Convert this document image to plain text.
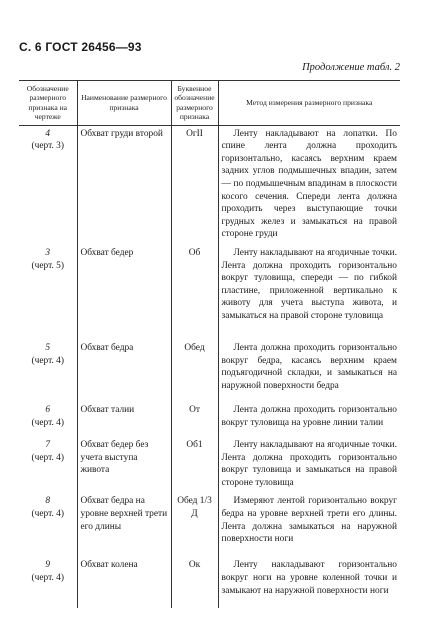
С. 6 ГОСТ 26456—93
Продолжение табл. 2
Обозначение размерного признака на чертеже	Наименование размерного признака	Буквенное обозначение размерного признака	Метод измерения размерного признака

4
(черт. 3)	Обхват груди второй	ОгII	Ленту накладывают на лопатки. По спине лента должна проходить горизонтально, касаясь верхним краем задних углов подмышечных впадин, затем — по подмышечным впадинам в плоскости косого сечения. Спереди лента должна проходить через выступающие точки грудных желез и замыкаться на правой стороне груди

3
(черт. 5)	Обхват бедер	Об	Ленту накладывают на ягодичные точки. Лента должна проходить горизонтально вокруг туловища, спереди — по гибкой пластине, приложенной вертикально к животу для учета выступа живота, и замыкаться на правой стороне туловища

5
(черт. 4)	Обхват бедра	Обед	Лента должна проходить горизонтально вокруг бедра, касаясь верхним краем подъягодичной складки, и замыкаться на наружной поверхности бедра

6
(черт. 4)	Обхват талии	От	Лента должна проходить горизонтально вокруг туловища на уровне линии талии

7
(черт. 4)	Обхват бедер без учета выступа живота	Об1	Ленту накладывают на ягодичные точки. Лента должна проходить горизонтально вокруг туловища и замыкаться на правой стороне туловища

8
(черт. 4)	Обхват бедра на уровне верхней трети его длины	Обед 1/3 Д	Измеряют лентой горизонтально вокруг бедра на уровне верхней трети его длины. Лента должна замыкаться на наружной поверхности ноги

9
(черт. 4)	Обхват колена	Ок	Ленту накладывают горизонтально вокруг ноги на уровне коленной точки и замыкают на наружной поверхности ноги
